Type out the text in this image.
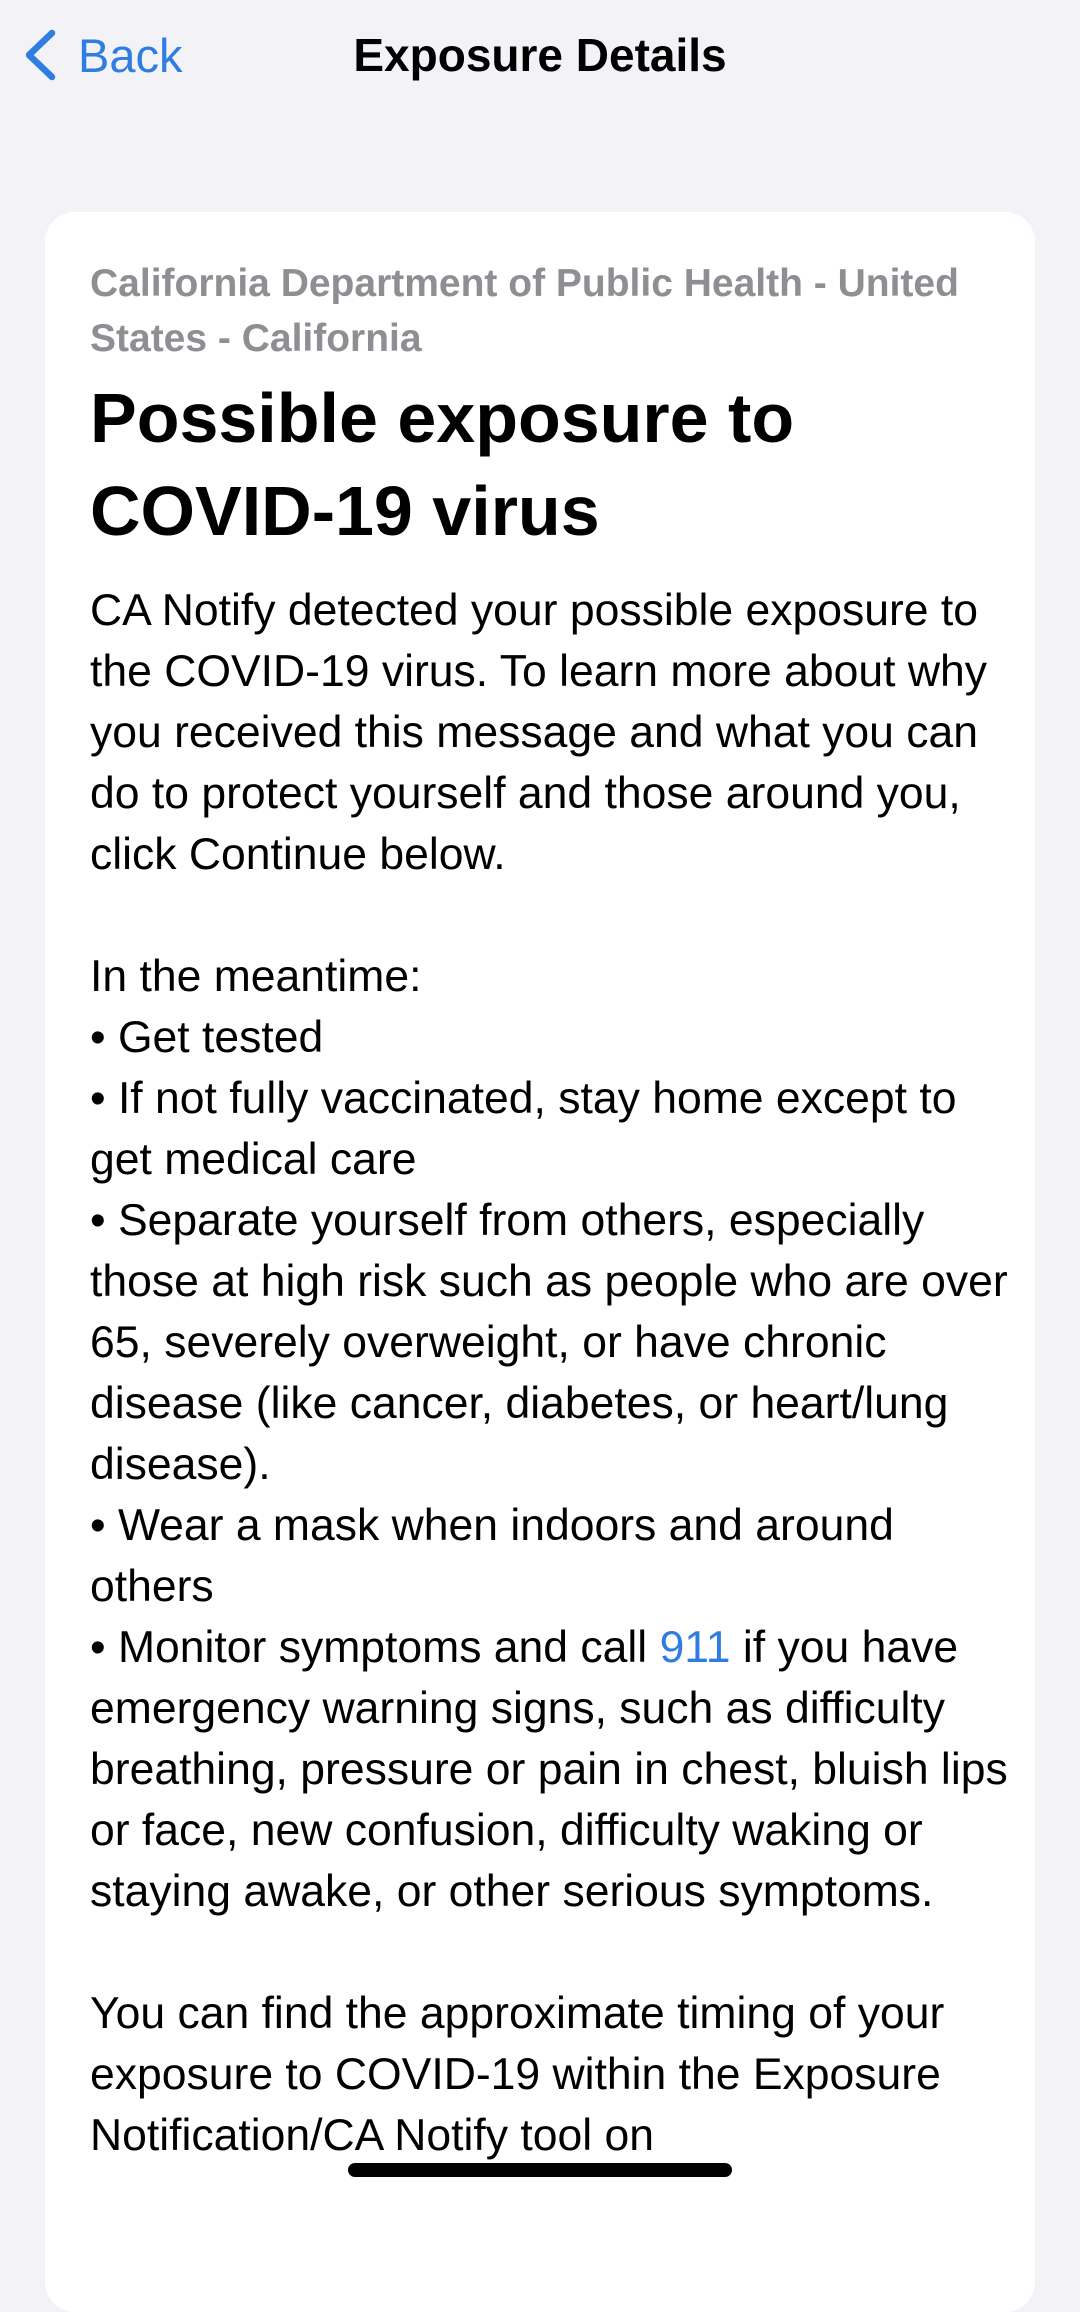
Back	Exposure Details

California Department of Public Health - United States - California

Possible exposure to COVID-19 virus

CA Notify detected your possible exposure to the COVID-19 virus. To learn more about why you received this message and what you can do to protect yourself and those around you, click Continue below.

In the meantime:

• Get tested

• If not fully vaccinated, stay home except to get medical care

• Separate yourself from others, especially those at high risk such as people who are over 65, severely overweight, or have chronic disease (like cancer, diabetes, or heart/lung disease).

• Wear a mask when indoors and around others

• Monitor symptoms and call 911 if you have emergency warning signs, such as difficulty breathing, pressure or pain in chest, bluish lips or face, new confusion, difficulty waking or staying awake, or other serious symptoms.

You can find the approximate timing of your exposure to COVID-19 within the Exposure Notification/CA Notify tool on
